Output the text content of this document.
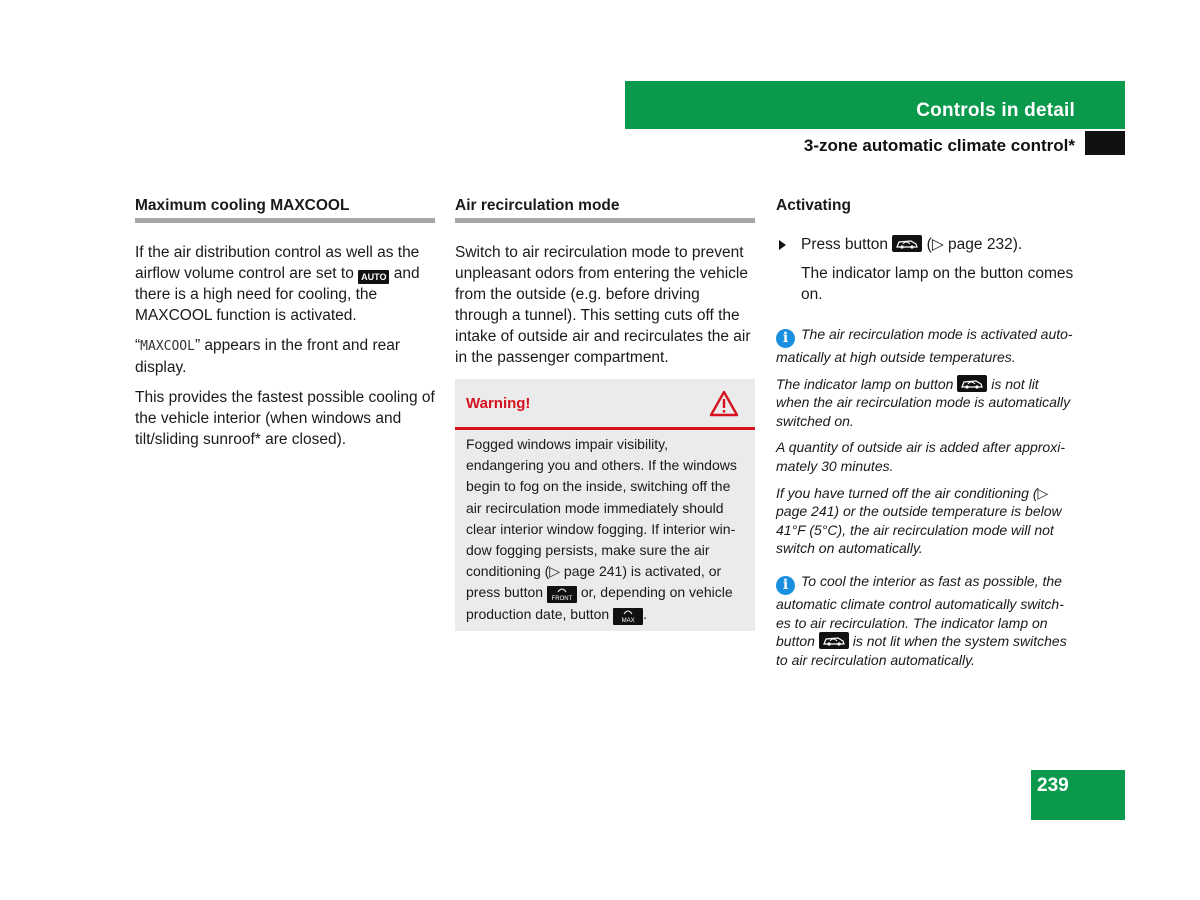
Controls in detail
3-zone automatic climate control*
Maximum cooling MAXCOOL

If the air distribution control as well as the airflow volume control are set to AUTO and there is a high need for cooling, the MAXCOOL function is activated.

“MAXCOOL” appears in the front and rear display.

This provides the fastest possible cooling of the vehicle interior (when windows and tilt/sliding sunroof* are closed).

Air recirculation mode

Switch to air recirculation mode to prevent unpleasant odors from entering the vehicle from the outside (e.g. before driving through a tunnel). This setting cuts off the intake of outside air and recirculates the air in the passenger compartment.

Warning!

Fogged windows impair visibility, endangering you and others. If the windows begin to fog on the inside, switching off the air recirculation mode immediately should clear interior window fogging. If interior win-dow fogging persists, make sure the air conditioning (▷ page 241) is activated, or press button FRONT or, depending on vehicle production date, button MAX .

Activating

Press button (▷ page 232).

The indicator lamp on the button comes on.

i The air recirculation mode is activated auto-matically at high outside temperatures.

The indicator lamp on button	is not lit when the air recirculation mode is automatically switched on.

A quantity of outside air is added after approxi-mately 30 minutes.

If you have turned off the air conditioning (▷ page 241) or the outside temperature is below 41°F (5°C), the air recirculation mode will not switch on automatically.

i To cool the interior as fast as possible, the automatic climate control automatically switch-es to air recirculation. The indicator lamp on button	is not lit when the system switches to air recirculation automatically.

239
